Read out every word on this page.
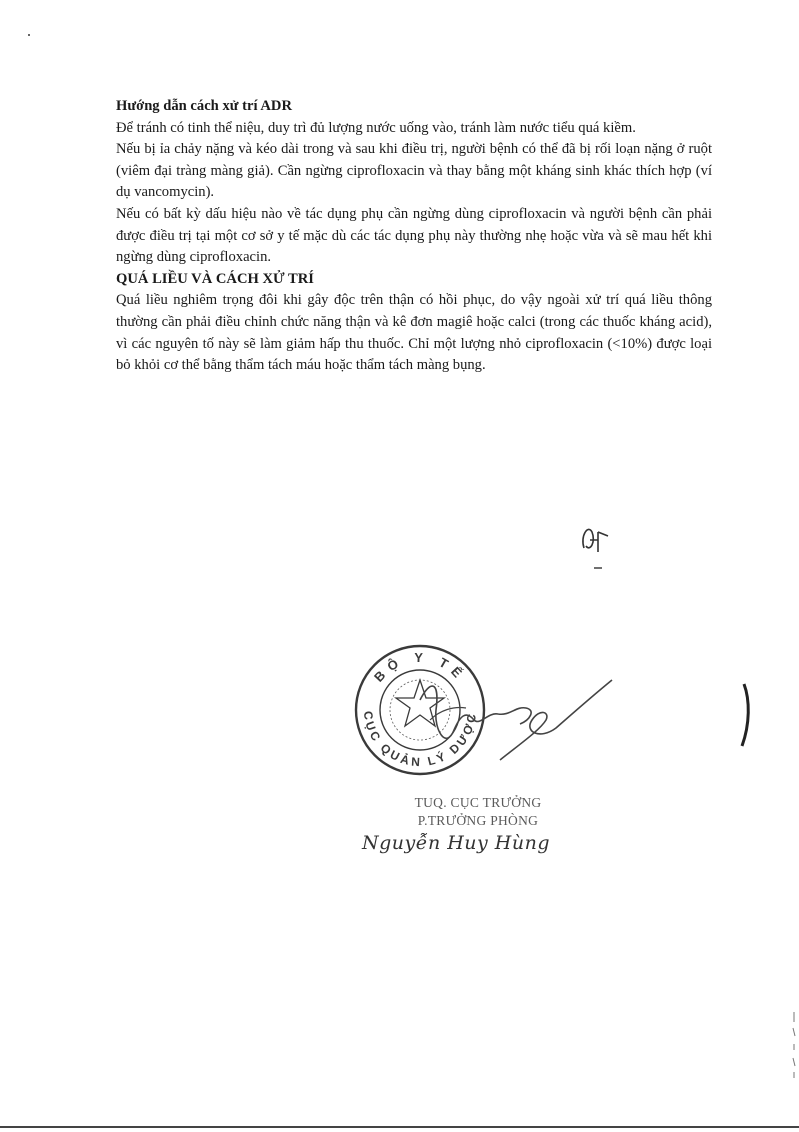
Hướng dẫn cách xử trí ADR

Để tránh có tinh thể niệu, duy trì đủ lượng nước uống vào, tránh làm nước tiểu quá kiềm.

Nếu bị ỉa chảy nặng và kéo dài trong và sau khi điều trị, người bệnh có thể đã bị rối loạn nặng ở ruột (viêm đại tràng màng giả). Cần ngừng ciprofloxacin và thay bằng một kháng sinh khác thích hợp (ví dụ vancomycin).

Nếu có bất kỳ dấu hiệu nào về tác dụng phụ cần ngừng dùng ciprofloxacin và người bệnh cần phải được điều trị tại một cơ sở y tế mặc dù các tác dụng phụ này thường nhẹ hoặc vừa và sẽ mau hết khi ngừng dùng ciprofloxacin.

QUÁ LIỀU VÀ CÁCH XỬ TRÍ

Quá liều nghiêm trọng đôi khi gây độc trên thận có hồi phục, do vậy ngoài xử trí quá liều thông thường cần phải điều chỉnh chức năng thận và kê đơn magiê hoặc calci (trong các thuốc kháng acid), vì các nguyên tố này sẽ làm giảm hấp thu thuốc. Chỉ một lượng nhỏ ciprofloxacin (<10%) được loại bỏ khỏi cơ thể bằng thẩm tách máu hoặc thẩm tách màng bụng.

BỘ Y TẾ
CỤC QUẢN LÝ DƯỢC
TUQ. CỤC TRƯỞNG
P.TRƯỞNG PHÒNG
Nguyễn Huy Hùng
